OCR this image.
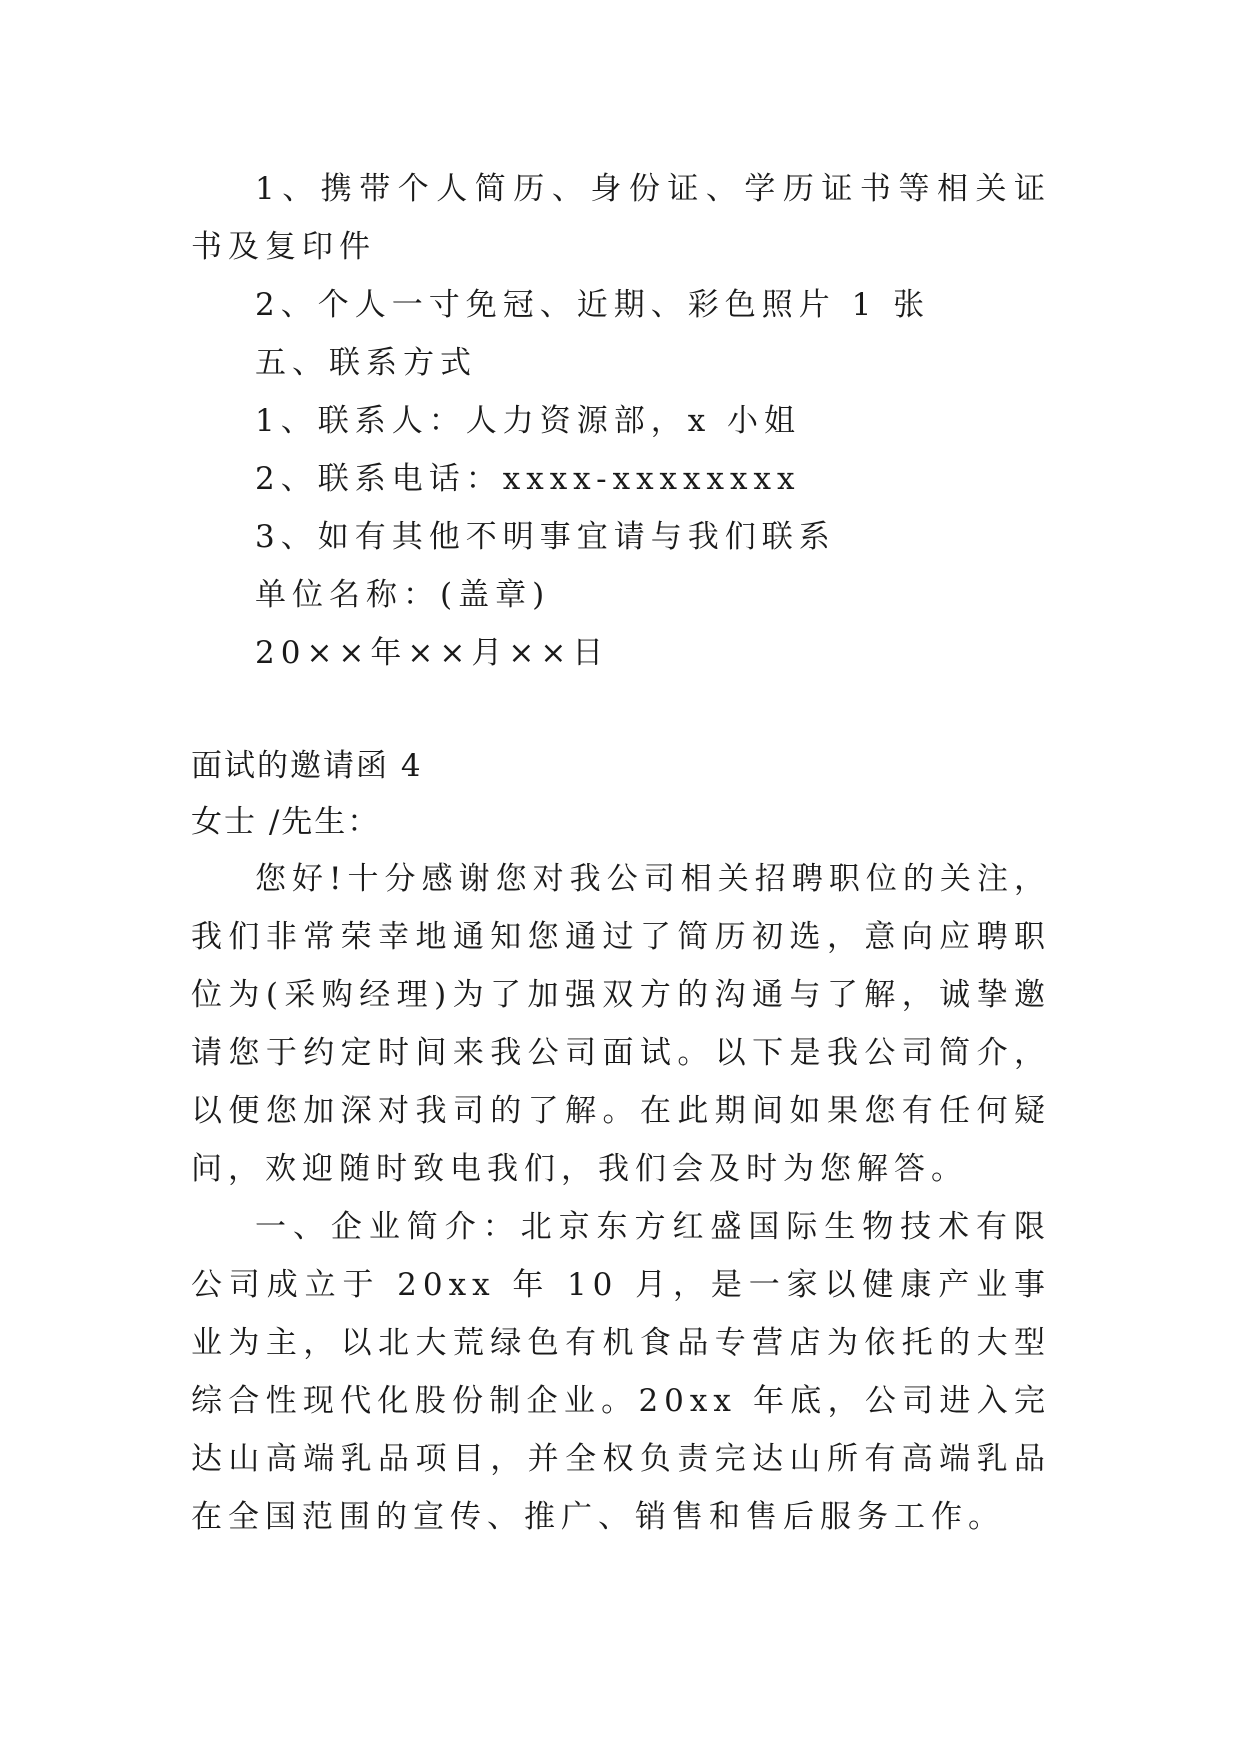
1、携带个人简历、身份证、学历证书等相关证书及复印件

2、个人一寸免冠、近期、彩色照片 1 张
五、联系方式
1、联系人：人力资源部，x 小姐
2、联系电话：xxxx-xxxxxxxx
3、如有其他不明事宜请与我们联系
单位名称：(盖章)
20××年××月××日
面试的邀请函 4
女士 /先生：

您好!十分感谢您对我公司相关招聘职位的关注，我们非常荣幸地通知您通过了简历初选，意向应聘职位为(采购经理)为了加强双方的沟通与了解，诚挚邀请您于约定时间来我公司面试。以下是我公司简介，以便您加深对我司的了解。在此期间如果您有任何疑问，欢迎随时致电我们，我们会及时为您解答。

一、企业简介：北京东方红盛国际生物技术有限公司成立于 20xx 年 10 月，是一家以健康产业事业为主，以北大荒绿色有机食品专营店为依托的大型综合性现代化股份制企业。20xx 年底，公司进入完达山高端乳品项目，并全权负责完达山所有高端乳品在全国范围的宣传、推广、销售和售后服务工作。
